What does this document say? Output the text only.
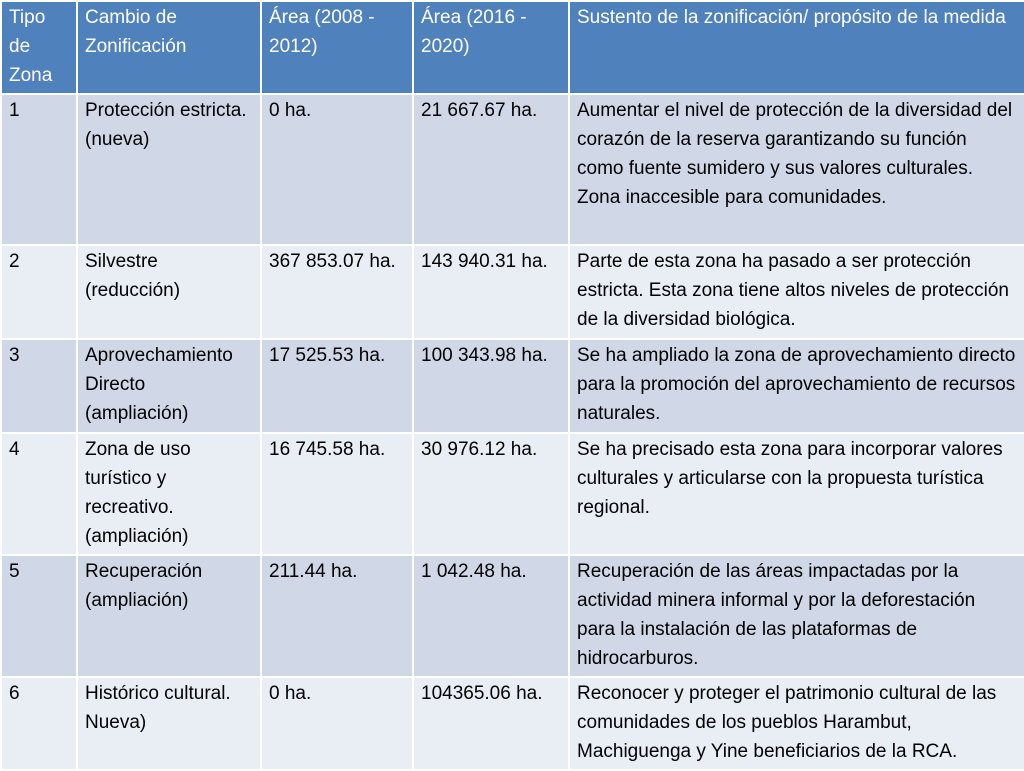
Tipo de Zona	Cambio de Zonificación	Área (2008 - 2012)	Área (2016 - 2020)	Sustento de la zonificación/ propósito de la medida
1	Protección estricta. (nueva)	0 ha.	21 667.67 ha.	Aumentar el nivel de protección de la diversidad del corazón de la reserva garantizando su función como fuente sumidero y sus valores culturales. Zona inaccesible para comunidades.
2	Silvestre (reducción)	367 853.07 ha.	143 940.31 ha.	Parte de esta zona ha pasado a ser protección estricta. Esta zona tiene altos niveles de protección de la diversidad biológica.
3	Aprovechamiento Directo (ampliación)	17 525.53 ha.	100 343.98 ha.	Se ha ampliado la zona de aprovechamiento directo para la promoción del aprovechamiento de recursos naturales.
4	Zona de uso turístico y recreativo. (ampliación)	16 745.58 ha.	30 976.12 ha.	Se ha precisado esta zona para incorporar valores culturales y articularse con la propuesta turística regional.
5	Recuperación (ampliación)	211.44 ha.	1 042.48 ha.	Recuperación de las áreas impactadas por la actividad minera informal y por la deforestación para la instalación de las plataformas de hidrocarburos.
6	Histórico cultural. Nueva)	0 ha.	104365.06 ha.	Reconocer y proteger el patrimonio cultural de las comunidades de los pueblos Harambut, Machiguenga y Yine beneficiarios de la RCA.
